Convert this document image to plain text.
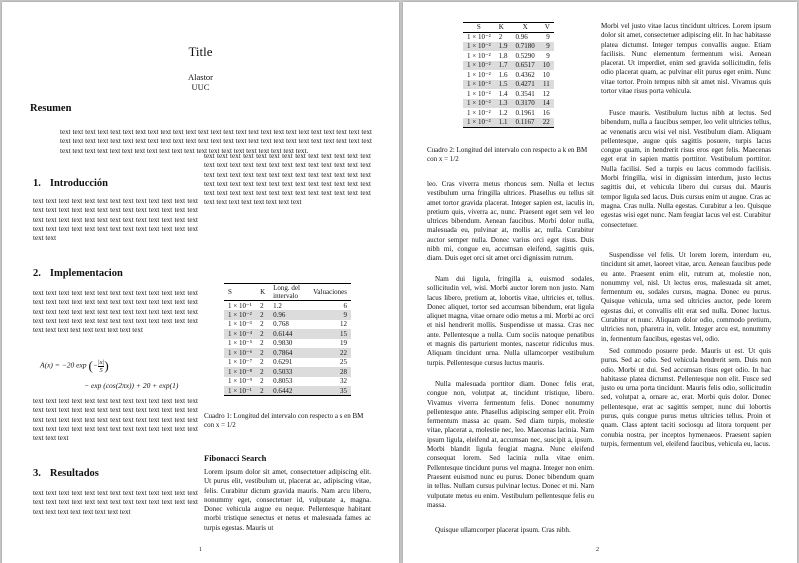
Title
Alastor
UUC
Resumen
text text text text text text text text text text text text text text text text text text text text text text text text text text text text text text text text text text text text text text text text text text text text text text text text text text text text text text text text text text text text text text text text text text text text text text.
1. Introducción
text text text text text text text text text text text text text text text text text text text text text text text text text text text text text text text text text text text text text text text text text text text text text text text text text text text text text text
2. Implementacion
text text text text text text text text text text text text text text text text text text text text text text text text text text text text text text text text text text text text text text text text text text text text text text text text text text text text text text text text text text text text text
A(x) = −20 exp (− $\frac{|x|}{5}$ )
− exp (cos(2πx)) + 20 + exp(1)
text text text text text text text text text text text text text text text text text text text text text text text text text text text text text text text text text text text text text text text text text text text text text text text text text text text text text text text
3. Resultados
text text text text text text text text text text text text text text text text text text text text text text text text text text text text text text text text text text
text text text text text text text text text text text text text text text text text text text text text text text text text text text text text text text text text text text text text text text text text text text text text text text text text text text text text text text text text text text text text text text text text text text text text text text text text
S	K	Long. del intervalo	Valuaciones
1 × 10⁻¹	2	1.2	6
1 × 10⁻²	2	0.96	9
1 × 10⁻³	2	0.768	12
1 × 10⁻⁴	2	0.6144	15
1 × 10⁻⁵	2	0.9830	19
1 × 10⁻⁶	2	0.7864	22
1 × 10⁻⁷	2	0.6291	25
1 × 10⁻⁸	2	0.5033	28
1 × 10⁻⁹	2	0.8053	32
1 × 10⁻¹	2	0.6442	35
Cuadro 1: Longitud del intervalo con respecto a s en BM con x = 1/2
Fibonacci Search
Lorem ipsum dolor sit amet, consectetuer adipiscing elit. Ut purus elit, vestibulum ut, placerat ac, adipiscing vitae, felis. Curabitur dictum gravida mauris. Nam arcu libero, nonummy eget, consectetuer id, vulputate a, magna. Donec vehicula augue eu neque. Pellentesque habitant morbi tristique senectus et netus et malesuada fames ac turpis egestas. Mauris ut
1
S	K	X	V
1 × 10⁻²	2	0.96	9
1 × 10⁻²	1.9	0.7180	9
1 × 10⁻²	1.8	0.5290	9
1 × 10⁻²	1.7	0.6517	10
1 × 10⁻²	1.6	0.4362	10
1 × 10⁻²	1.5	0.4271	11
1 × 10⁻²	1.4	0.3541	12
1 × 10⁻²	1.3	0.3170	14
1 × 10⁻²	1.2	0.1961	16
1 × 10⁻²	1.1	0.1167	22
Cuadro 2: Longitud del intervalo con respecto a k en BM con x = 1/2
leo. Cras viverra metus rhoncus sem. Nulla et lectus vestibulum urna fringilla ultrices. Phasellus eu tellus sit amet tortor gravida placerat. Integer sapien est, iaculis in, pretium quis, viverra ac, nunc. Praesent eget sem vel leo ultrices bibendum. Aenean faucibus. Morbi dolor nulla, malesuada eu, pulvinar at, mollis ac, nulla. Curabitur auctor semper nulla. Donec varius orci eget risus. Duis nibh mi, congue eu, accumsan eleifend, sagittis quis, diam. Duis eget orci sit amet orci dignissim rutrum.
Nam dui ligula, fringilla a, euismod sodales, sollicitudin vel, wisi. Morbi auctor lorem non justo. Nam lacus libero, pretium at, lobortis vitae, ultricies et, tellus. Donec aliquet, tortor sed accumsan bibendum, erat ligula aliquet magna, vitae ornare odio metus a mi. Morbi ac orci et nisl hendrerit mollis. Suspendisse ut massa. Cras nec ante. Pellentesque a nulla. Cum sociis natoque penatibus et magnis dis parturient montes, nascetur ridiculus mus. Aliquam tincidunt urna. Nulla ullamcorper vestibulum turpis. Pellentesque cursus luctus mauris.
Nulla malesuada porttitor diam. Donec felis erat, congue non, volutpat at, tincidunt tristique, libero. Vivamus viverra fermentum felis. Donec nonummy pellentesque ante. Phasellus adipiscing semper elit. Proin fermentum massa ac quam. Sed diam turpis, molestie vitae, placerat a, molestie nec, leo. Maecenas lacinia. Nam ipsum ligula, eleifend at, accumsan nec, suscipit a, ipsum. Morbi blandit ligula feugiat magna. Nunc eleifend consequat lorem. Sed lacinia nulla vitae enim. Pellentesque tincidunt purus vel magna. Integer non enim. Praesent euismod nunc eu purus. Donec bibendum quam in tellus. Nullam cursus pulvinar lectus. Donec et mi. Nam vulputate metus eu enim. Vestibulum pellentesque felis eu massa.
Quisque ullamcorper placerat ipsum. Cras nibh.
Morbi vel justo vitae lacus tincidunt ultrices. Lorem ipsum dolor sit amet, consectetuer adipiscing elit. In hac habitasse platea dictumst. Integer tempus convallis augue. Etiam facilisis. Nunc elementum fermentum wisi. Aenean placerat. Ut imperdiet, enim sed gravida sollicitudin, felis odio placerat quam, ac pulvinar elit purus eget enim. Nunc vitae tortor. Proin tempus nibh sit amet nisl. Vivamus quis tortor vitae risus porta vehicula.
Fusce mauris. Vestibulum luctus nibh at lectus. Sed bibendum, nulla a faucibus semper, leo velit ultricies tellus, ac venenatis arcu wisi vel nisl. Vestibulum diam. Aliquam pellentesque, augue quis sagittis posuere, turpis lacus congue quam, in hendrerit risus eros eget felis. Maecenas eget erat in sapien mattis porttitor. Vestibulum porttitor. Nulla facilisi. Sed a turpis eu lacus commodo facilisis. Morbi fringilla, wisi in dignissim interdum, justo lectus sagittis dui, et vehicula libero dui cursus dui. Mauris tempor ligula sed lacus. Duis cursus enim ut augue. Cras ac magna. Cras nulla. Nulla egestas. Curabitur a leo. Quisque egestas wisi eget nunc. Nam feugiat lacus vel est. Curabitur consectetuer.
Suspendisse vel felis. Ut lorem lorem, interdum eu, tincidunt sit amet, laoreet vitae, arcu. Aenean faucibus pede eu ante. Praesent enim elit, rutrum at, molestie non, nonummy vel, nisl. Ut lectus eros, malesuada sit amet, fermentum eu, sodales cursus, magna. Donec eu purus. Quisque vehicula, urna sed ultricies auctor, pede lorem egestas dui, et convallis elit erat sed nulla. Donec luctus. Curabitur et nunc. Aliquam dolor odio, commodo pretium, ultricies non, pharetra in, velit. Integer arcu est, nonummy in, fermentum faucibus, egestas vel, odio.
Sed commodo posuere pede. Mauris ut est. Ut quis purus. Sed ac odio. Sed vehicula hendrerit sem. Duis non odio. Morbi ut dui. Sed accumsan risus eget odio. In hac habitasse platea dictumst. Pellentesque non elit. Fusce sed justo eu urna porta tincidunt. Mauris felis odio, sollicitudin sed, volutpat a, ornare ac, erat. Morbi quis dolor. Donec pellentesque, erat ac sagittis semper, nunc dui lobortis purus, quis congue purus metus ultricies tellus. Proin et quam. Class aptent taciti sociosqu ad litora torquent per conubia nostra, per inceptos hymenaeos. Praesent sapien turpis, fermentum vel, eleifend faucibus, vehicula eu, lacus.
2
